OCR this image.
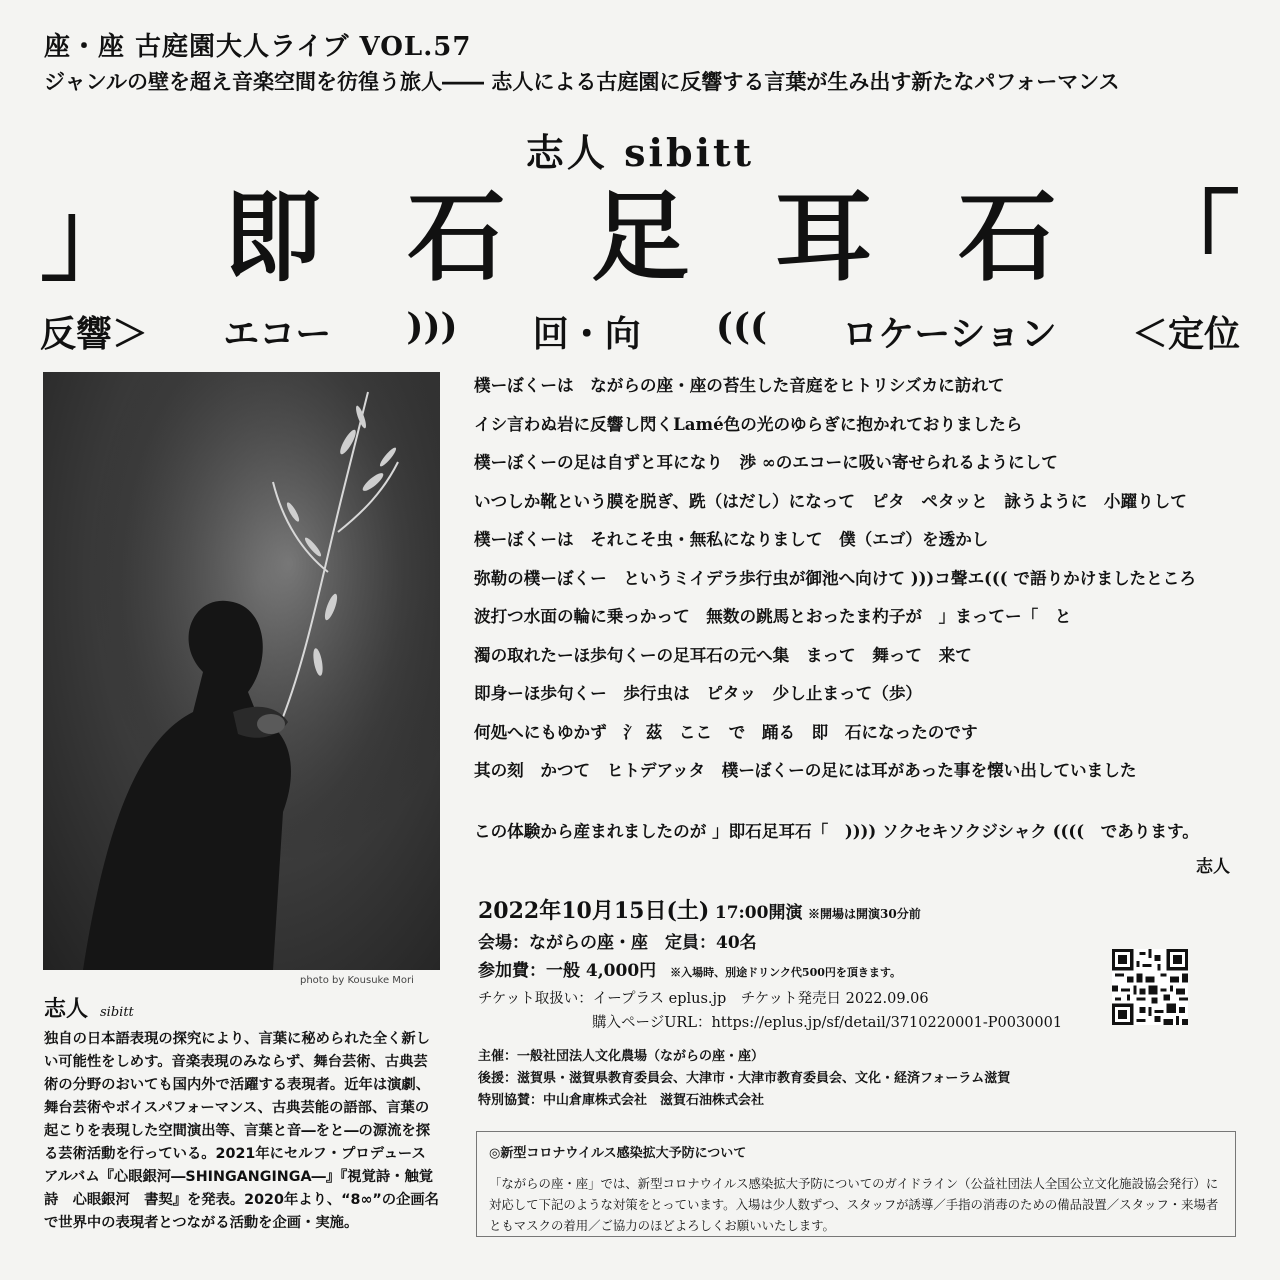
座・座 古庭園大人ライブ VOL.57
ジャンルの壁を超え音楽空間を彷徨う旅人―― 志人による古庭園に反響する言葉が生み出す新たなパフォーマンス
志人 sibitt
」 即 石 足 耳 石 「
反響＞ エコー ))) 回・向 ((( ロケーション ＜定位
photo by Kousuke Mori
志人 sibitt
独自の日本語表現の探究により、言葉に秘められた全く新しい可能性をしめす。音楽表現のみならず、舞台芸術、古典芸術の分野のおいても国内外で活躍する表現者。近年は演劇、舞台芸術やボイスパフォーマンス、古典芸能の語部、言葉の起こりを表現した空間演出等、言葉と音―をと―の源流を探る芸術活動を行っている。2021年にセルフ・プロデュースアルバム『心眼銀河―SHINGANGINGA―』『視覚詩・触覚詩　心眼銀河　書契』を発表。2020年より、“8∞”の企画名で世界中の表現者とつながる活動を企画・実施。
樸ーぼくーは　ながらの座・座の苔生した音庭をヒトリシズカに訪れて
イシ言わぬ岩に反響し閃くLamé色の光のゆらぎに抱かれておりましたら
樸ーぼくーの足は自ずと耳になり　渉 ∞のエコーに吸い寄せられるようにして
いつしか靴という膜を脱ぎ、跣（はだし）になって　ピタ　ペタッと　詠うように　小躍りして
樸ーぼくーは　それこそ虫・無私になりまして　僕（エゴ）を透かし
弥勒の樸ーぼくー　というミイデラ歩行虫が御池へ向けて )))コ聲エ((( で語りかけましたところ
波打つ水面の輪に乗っかって　無数の跳馬とおったま杓子が　」まってー「　と
濁の取れたーほ歩句くーの足耳石の元へ集　まって　舞って　来て
即身ーほ歩句くー　歩行虫は　ピタッ　少し止まって（歩）
何処へにもゆかず　氵 茲　ここ　で　踊る　即　石になったのです
其の刻　かつて　ヒトデアッタ　樸ーぼくーの足には耳があった事を懐い出していました
この体験から産まれましたのが 」即石足耳石「　)))) ソクセキソクジシャク ((((　であります。
志人
2022年10月15日(土) 17:00開演 ※開場は開演30分前
会場：ながらの座・座　定員：40名
参加費：一般 4,000円 ※入場時、別途ドリンク代500円を頂きます。
チケット取扱い：イープラス eplus.jp　チケット発売日 2022.09.06
購入ページURL：https://eplus.jp/sf/detail/3710220001-P0030001
主催：一般社団法人文化農場（ながらの座・座）
後援：滋賀県・滋賀県教育委員会、大津市・大津市教育委員会、文化・経済フォーラム滋賀
特別協賛：中山倉庫株式会社　滋賀石油株式会社
◎新型コロナウイルス感染拡大予防について
「ながらの座・座」では、新型コロナウイルス感染拡大予防についてのガイドライン（公益社団法人全国公立文化施設協会発行）に対応して下記のような対策をとっています。入場は少人数ずつ、スタッフが誘導／手指の消毒のための備品設置／スタッフ・来場者ともマスクの着用／ご協力のほどよろしくお願いいたします。
